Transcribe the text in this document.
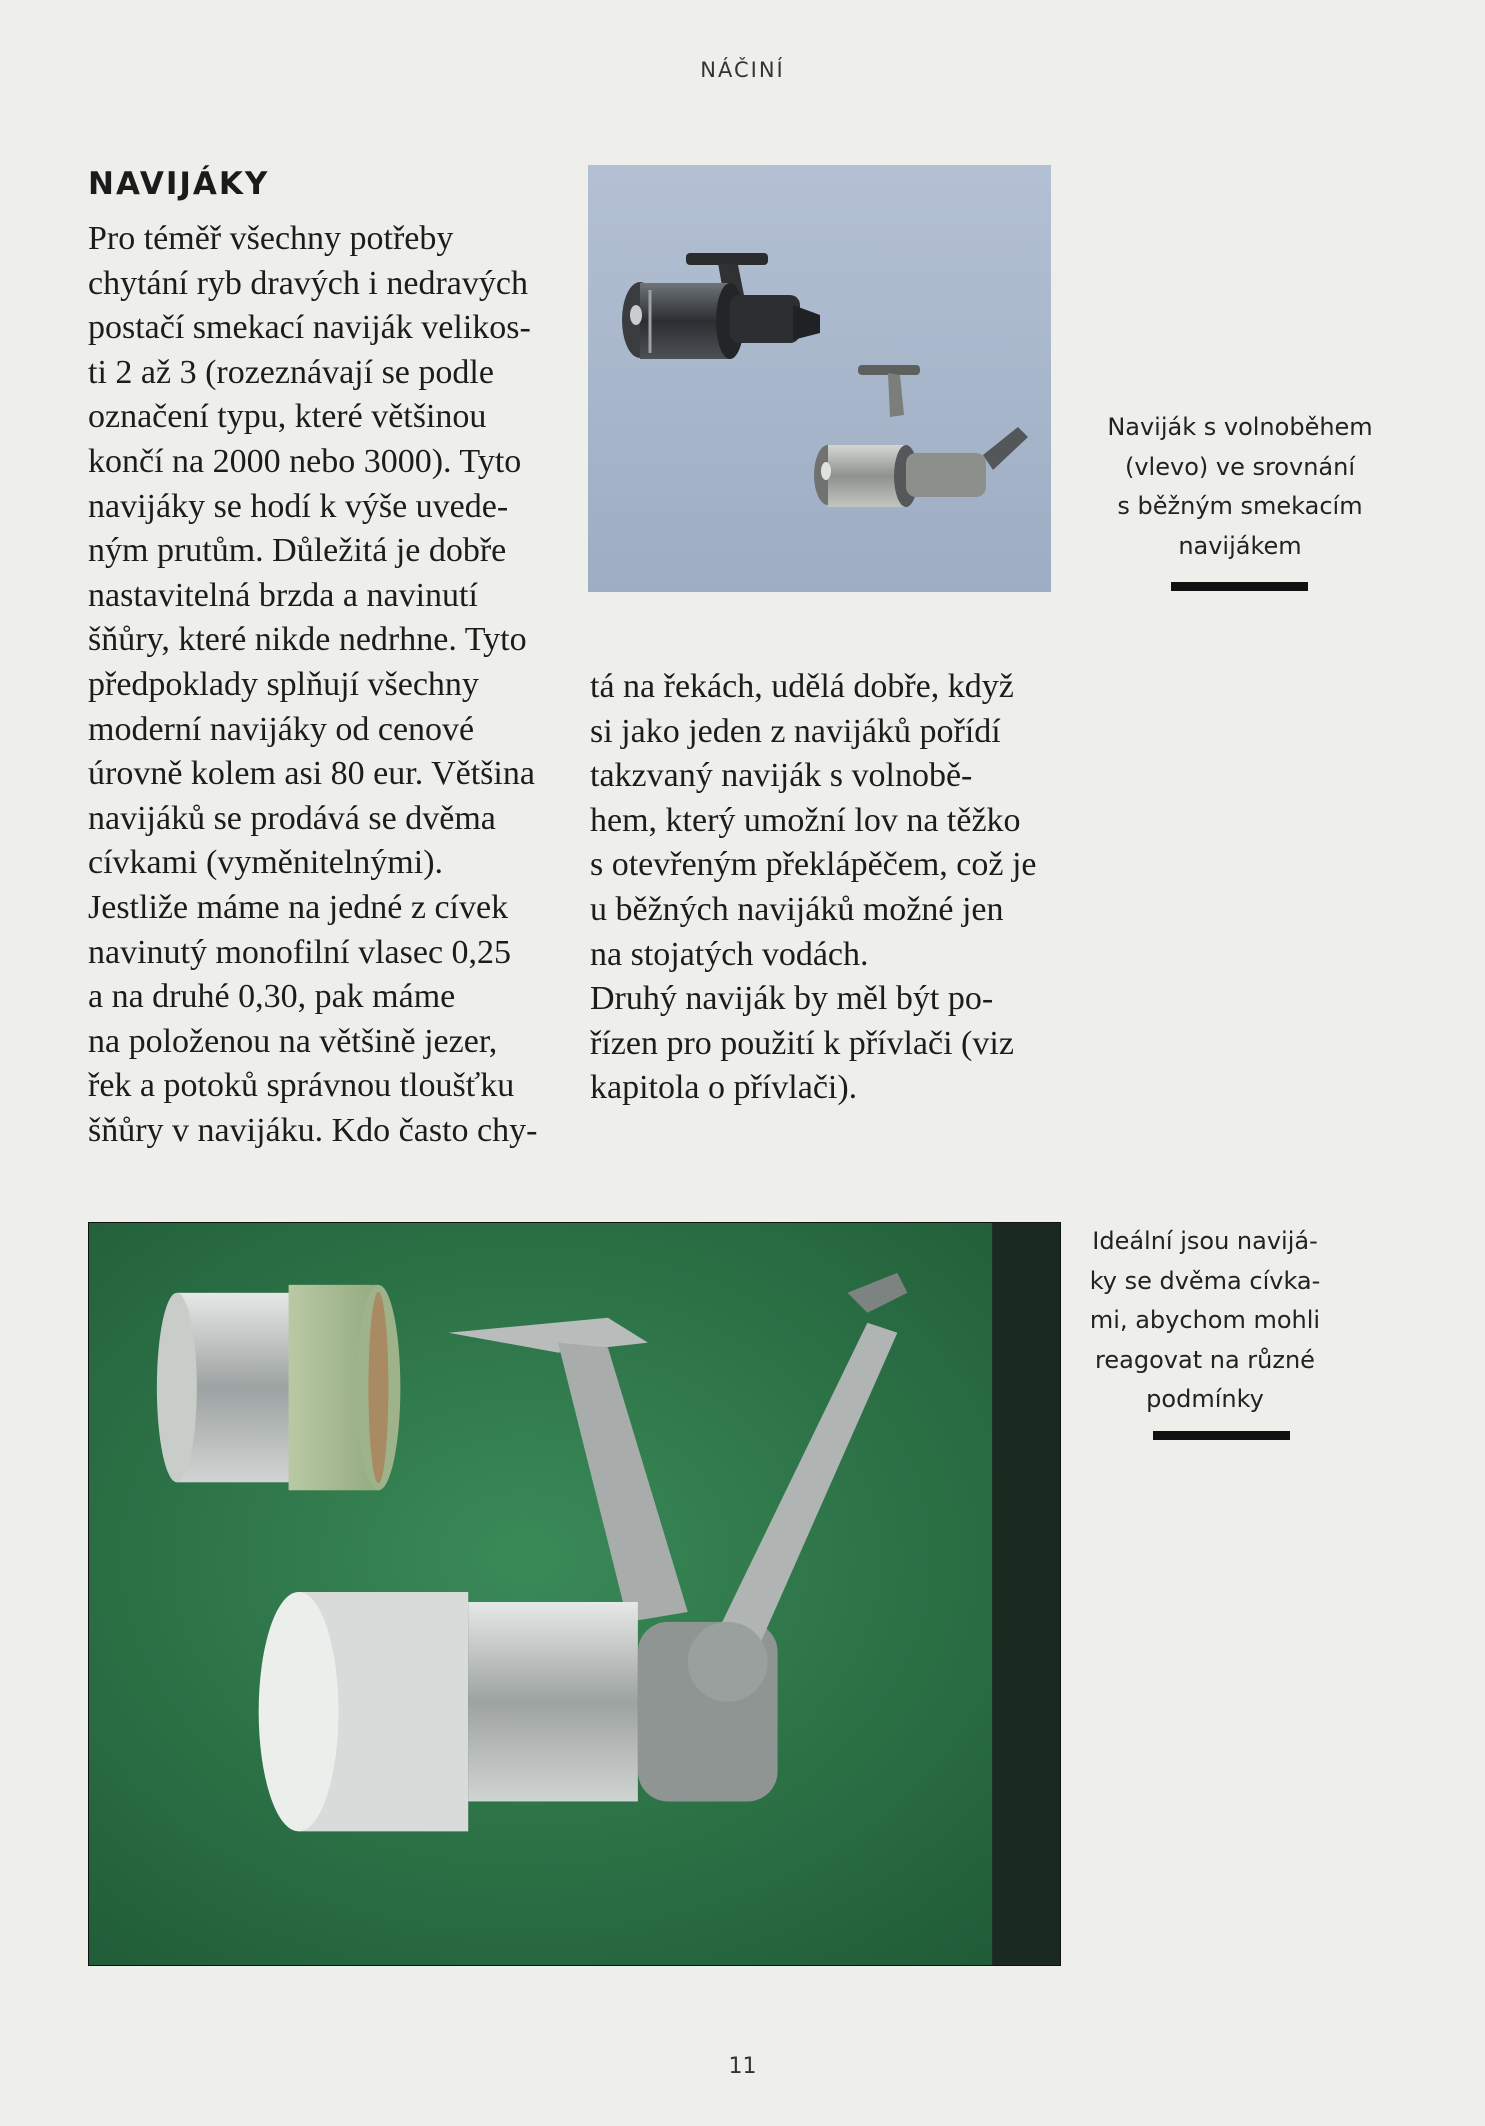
NÁČINÍ
NAVIJÁKY
Pro téměř všechny potřeby
chytání ryb dravých i nedravých
postačí smekací naviják velikos-
ti 2 až 3 (rozeznávají se podle
označení typu, které většinou
končí na 2000 nebo 3000). Tyto
navijáky se hodí k výše uvede-
ným prutům. Důležitá je dobře
nastavitelná brzda a navinutí
šňůry, které nikde nedrhne. Tyto
předpoklady splňují všechny
moderní navijáky od cenové
úrovně kolem asi 80 eur. Většina
navijáků se prodává se dvěma
cívkami (vyměnitelnými).
Jestliže máme na jedné z cívek
navinutý monofilní vlasec 0,25
a na druhé 0,30, pak máme
na položenou na většině jezer,
řek a potoků správnou tloušťku
šňůry v navijáku. Kdo často chy-
tá na řekách, udělá dobře, když
si jako jeden z navijáků pořídí
takzvaný naviják s volnobě-
hem, který umožní lov na těžko
s otevřeným překlápěčem, což je
u běžných navijáků možné jen
na stojatých vodách.
Druhý naviják by měl být po-
řízen pro použití k přívlači (viz
kapitola o přívlači).
Naviják s volnoběhem
(vlevo) ve srovnání
s běžným smekacím
navijákem
Ideální jsou navijá-
ky se dvěma cívka-
mi, abychom mohli
reagovat na různé
podmínky
11
